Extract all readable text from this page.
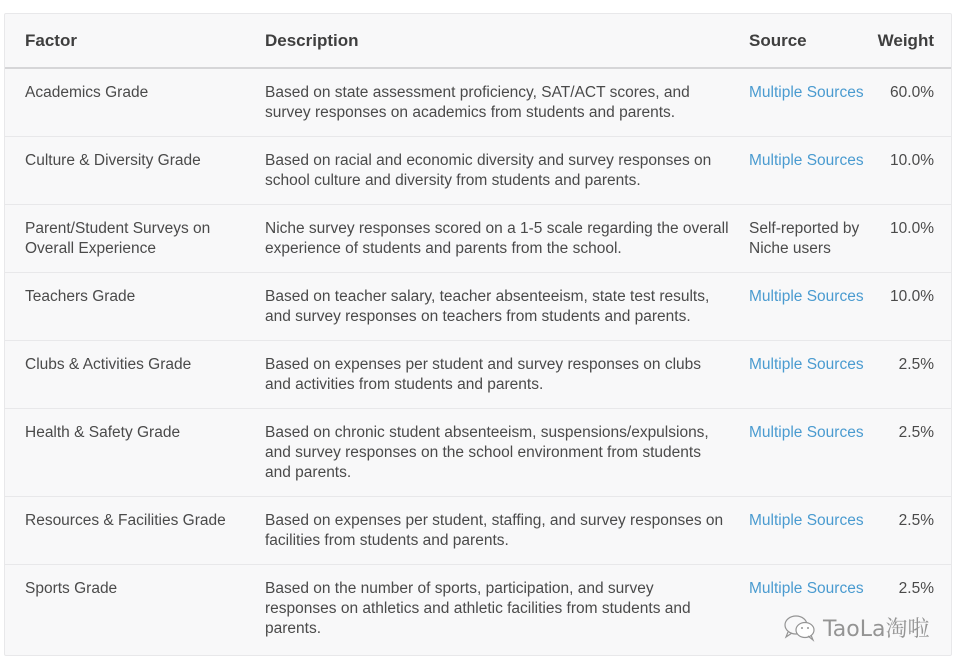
Factor	Description	Source	Weight

Academics Grade	Based on state assessment proficiency, SAT/ACT scores, and survey responses on academics from students and parents.	Multiple Sources	60.0%

Culture & Diversity Grade	Based on racial and economic diversity and survey responses on school culture and diversity from students and parents.	Multiple Sources	10.0%

Parent/Student Surveys on Overall Experience	Niche survey responses scored on a 1-5 scale regarding the overall experience of students and parents from the school.	Self-reported by Niche users	10.0%

Teachers Grade	Based on teacher salary, teacher absenteeism, state test results, and survey responses on teachers from students and parents.	Multiple Sources	10.0%

Clubs & Activities Grade	Based on expenses per student and survey responses on clubs and activities from students and parents.	Multiple Sources	2.5%

Health & Safety Grade	Based on chronic student absenteeism, suspensions/expulsions, and survey responses on the school environment from students and parents.	Multiple Sources	2.5%

Resources & Facilities Grade	Based on expenses per student, staffing, and survey responses on facilities from students and parents.	Multiple Sources	2.5%

Sports Grade	Based on the number of sports, participation, and survey responses on athletics and athletic facilities from students and parents.	Multiple Sources	2.5%
TaoLa淘啦
